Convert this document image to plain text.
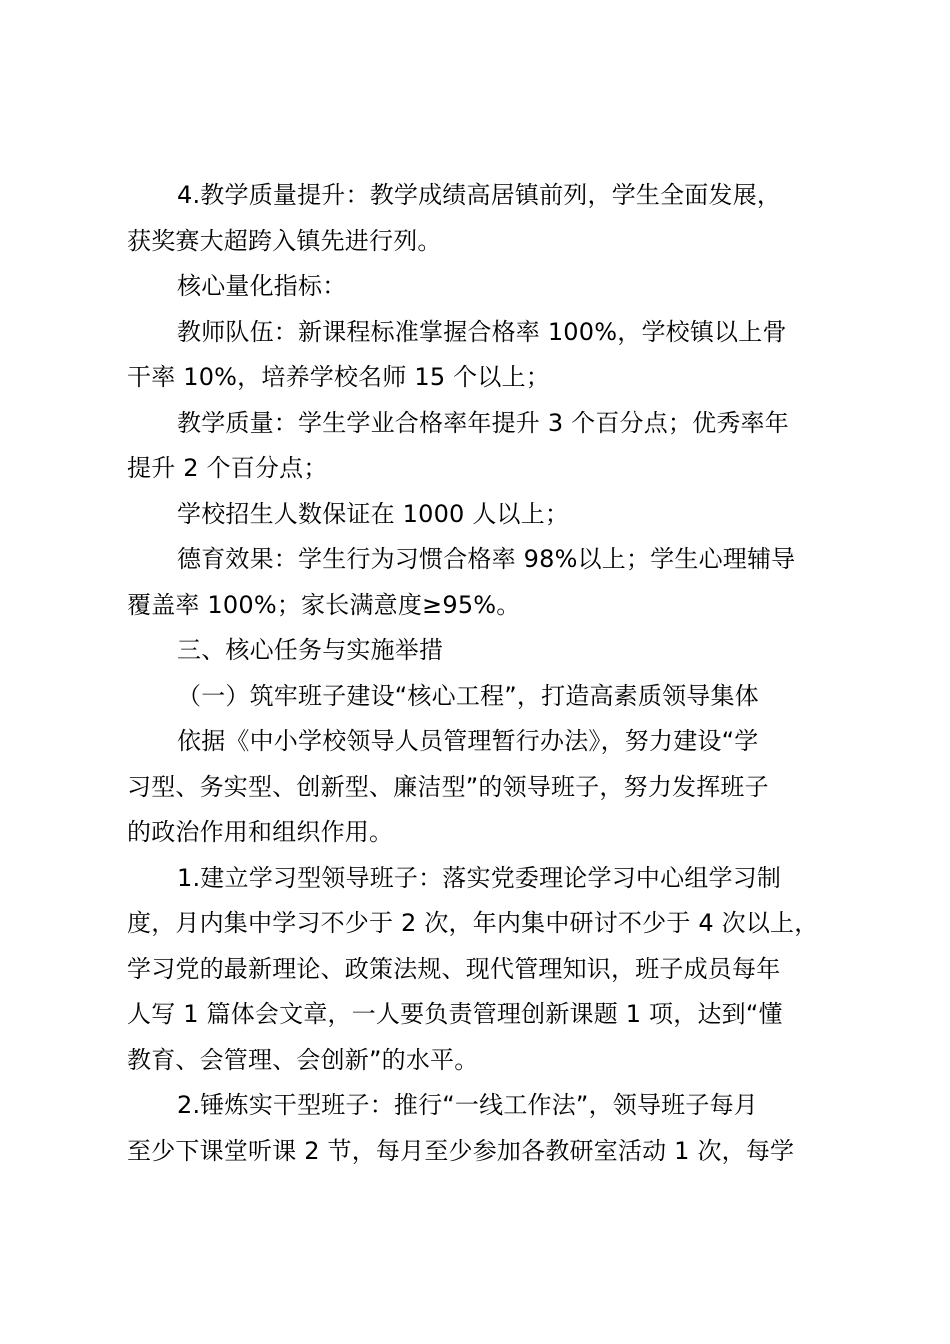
4.教学质量提升：教学成绩高居镇前列，学生全面发展，
获奖赛大超跨入镇先进行列。
核心量化指标：
教师队伍：新课程标准掌握合格率 100%，学校镇以上骨
干率 10%，培养学校名师 15 个以上；
教学质量：学生学业合格率年提升 3 个百分点；优秀率年
提升 2 个百分点；
学校招生人数保证在 1000 人以上；
德育效果：学生行为习惯合格率 98%以上；学生心理辅导
覆盖率 100%；家长满意度≥95%。
三、核心任务与实施举措
（一）筑牢班子建设“核心工程”，打造高素质领导集体
依据《中小学校领导人员管理暂行办法》，努力建设“学
习型、务实型、创新型、廉洁型”的领导班子，努力发挥班子
的政治作用和组织作用。
1.建立学习型领导班子：落实党委理论学习中心组学习制
度，月内集中学习不少于 2 次，年内集中研讨不少于 4 次以上，
学习党的最新理论、政策法规、现代管理知识，班子成员每年
人写 1 篇体会文章，一人要负责管理创新课题 1 项，达到“懂
教育、会管理、会创新”的水平。
2.锤炼实干型班子：推行“一线工作法”，领导班子每月
至少下课堂听课 2 节，每月至少参加各教研室活动 1 次，每学
